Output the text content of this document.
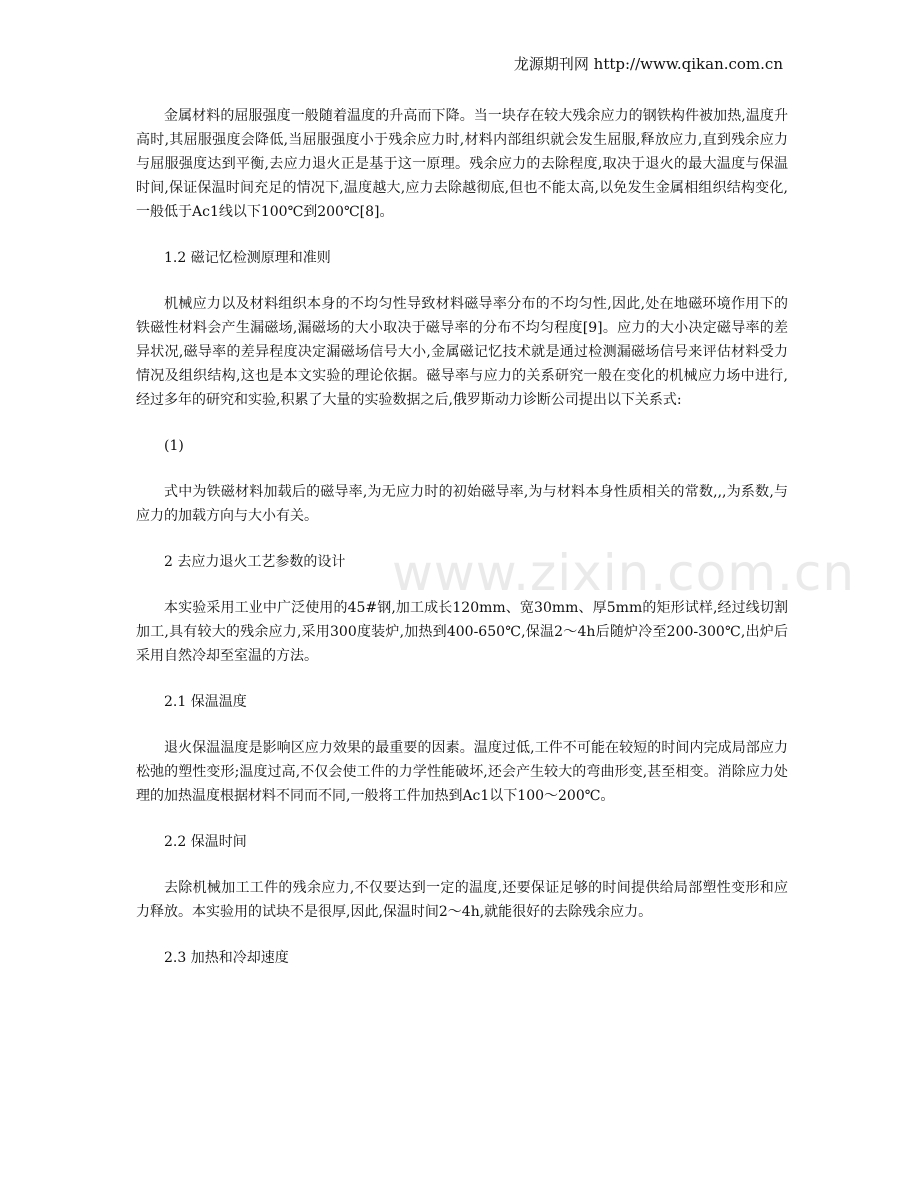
龙源期刊网 http://www.qikan.com.cn
www.zixin.com.cn

金属材料的屈服强度一般随着温度的升高而下降。当一块存在较大残余应力的钢铁构件被加热,温度升高时,其屈服强度会降低,当屈服强度小于残余应力时,材料内部组织就会发生屈服,释放应力,直到残余应力与屈服强度达到平衡,去应力退火正是基于这一原理。残余应力的去除程度,取决于退火的最大温度与保温时间,保证保温时间充足的情况下,温度越大,应力去除越彻底,但也不能太高,以免发生金属相组织结构变化,一般低于Ac1线以下100℃到200℃[8]。

1.2 磁记忆检测原理和准则

机械应力以及材料组织本身的不均匀性导致材料磁导率分布的不均匀性,因此,处在地磁环境作用下的铁磁性材料会产生漏磁场,漏磁场的大小取决于磁导率的分布不均匀程度[9]。应力的大小决定磁导率的差异状况,磁导率的差异程度决定漏磁场信号大小,金属磁记忆技术就是通过检测漏磁场信号来评估材料受力情况及组织结构,这也是本文实验的理论依据。磁导率与应力的关系研究一般在变化的机械应力场中进行,经过多年的研究和实验,积累了大量的实验数据之后,俄罗斯动力诊断公司提出以下关系式:

(1)

式中为铁磁材料加载后的磁导率,为无应力时的初始磁导率,为与材料本身性质相关的常数,,,为系数,与应力的加载方向与大小有关。

2 去应力退火工艺参数的设计

本实验采用工业中广泛使用的45#钢,加工成长120mm、宽30mm、厚5mm的矩形试样,经过线切割加工,具有较大的残余应力,采用300度装炉,加热到400-650℃,保温2～4h后随炉冷至200-300℃,出炉后采用自然冷却至室温的方法。

2.1 保温温度

退火保温温度是影响区应力效果的最重要的因素。温度过低,工件不可能在较短的时间内完成局部应力松弛的塑性变形;温度过高,不仅会使工件的力学性能破坏,还会产生较大的弯曲形变,甚至相变。消除应力处理的加热温度根据材料不同而不同,一般将工件加热到Ac1以下100～200℃。

2.2 保温时间

去除机械加工工件的残余应力,不仅要达到一定的温度,还要保证足够的时间提供给局部塑性变形和应力释放。本实验用的试块不是很厚,因此,保温时间2～4h,就能很好的去除残余应力。

2.3 加热和冷却速度
